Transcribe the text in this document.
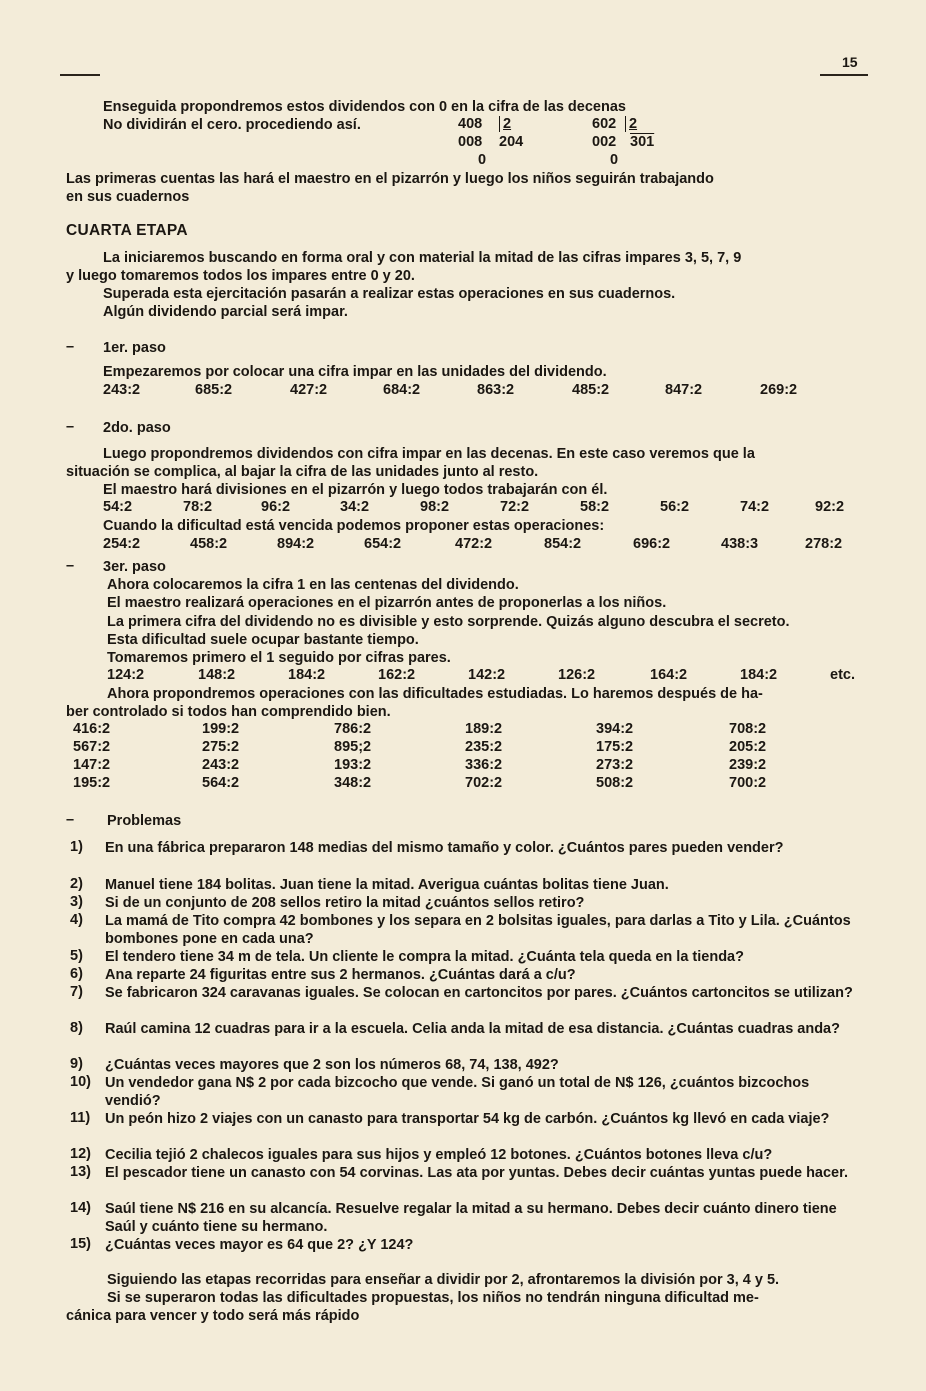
15
Enseguida propondremos estos dividendos con 0 en la cifra de las decenas
No dividirán el cero. procediendo así.	408 2
008 204
0
602 2
002 301
0
Las primeras cuentas las hará el maestro en el pizarrón y luego los niños seguirán trabajando
en sus cuadernos
CUARTA ETAPA
La iniciaremos buscando en forma oral y con material la mitad de las cifras impares 3, 5, 7, 9
y luego tomaremos todos los impares entre 0 y 20.
Superada esta ejercitación pasarán a realizar estas operaciones en sus cuadernos.
Algún dividendo parcial será impar.
– 1er. paso
Empezaremos por colocar una cifra impar en las unidades del dividendo.
243:2	685:2	427:2	684:2	863:2	485:2	847:2	269:2
– 2do. paso
Luego propondremos dividendos con cifra impar en las decenas. En este caso veremos que la
situación se complica, al bajar la cifra de las unidades junto al resto.
El maestro hará divisiones en el pizarrón y luego todos trabajarán con él.
54:2	78:2	96:2	34:2	98:2	72:2	58:2	56:2	74:2	92:2
Cuando la dificultad está vencida podemos proponer estas operaciones:
254:2	458:2	894:2	654:2	472:2	854:2	696:2	438:3	278:2
– 3er. paso
Ahora colocaremos la cifra 1 en las centenas del dividendo.
El maestro realizará operaciones en el pizarrón antes de proponerlas a los niños.
La primera cifra del dividendo no es divisible y esto sorprende. Quizás alguno descubra el secreto.
Esta dificultad suele ocupar bastante tiempo.
Tomaremos primero el 1 seguido por cifras pares.
124:2	148:2	184:2	162:2	142:2	126:2	164:2	184:2	etc.
Ahora propondremos operaciones con las dificultades estudiadas. Lo haremos después de ha-
ber controlado si todos han comprendido bien.
416:2	199:2	786:2	189:2	394:2	708:2
567:2	275:2	895;2	235:2	175:2	205:2
147:2	243:2	193:2	336:2	273:2	239:2
195:2	564:2	348:2	702:2	508:2	700:2
– Problemas
1) En una fábrica prepararon 148 medias del mismo tamaño y color. ¿Cuántos pares pueden vender?
2) Manuel tiene 184 bolitas. Juan tiene la mitad. Averigua cuántas bolitas tiene Juan.
3) Si de un conjunto de 208 sellos retiro la mitad ¿cuántos sellos retiro?
4) La mamá de Tito compra 42 bombones y los separa en 2 bolsitas iguales, para darlas a Tito y Lila. ¿Cuántos bombones pone en cada una?
5) El tendero tiene 34 m de tela. Un cliente le compra la mitad. ¿Cuánta tela queda en la tienda?
6) Ana reparte 24 figuritas entre sus 2 hermanos. ¿Cuántas dará a c/u?
7) Se fabricaron 324 caravanas iguales. Se colocan en cartoncitos por pares. ¿Cuántos cartoncitos se utilizan?
8) Raúl camina 12 cuadras para ir a la escuela. Celia anda la mitad de esa distancia. ¿Cuántas cuadras anda?
9) ¿Cuántas veces mayores que 2 son los números 68, 74, 138, 492?
10) Un vendedor gana N$ 2 por cada bizcocho que vende. Si ganó un total de N$ 126, ¿cuántos bizcochos vendió?
11) Un peón hizo 2 viajes con un canasto para transportar 54 kg de carbón. ¿Cuántos kg llevó en cada viaje?
12) Cecilia tejió 2 chalecos iguales para sus hijos y empleó 12 botones. ¿Cuántos botones lleva c/u?
13) El pescador tiene un canasto con 54 corvinas. Las ata por yuntas. Debes decir cuántas yuntas puede hacer.
14) Saúl tiene N$ 216 en su alcancía. Resuelve regalar la mitad a su hermano. Debes decir cuánto dinero tiene Saúl y cuánto tiene su hermano.
15) ¿Cuántas veces mayor es 64 que 2? ¿Y 124?
Siguiendo las etapas recorridas para enseñar a dividir por 2, afrontaremos la división por 3, 4 y 5.
Si se superaron todas las dificultades propuestas, los niños no tendrán ninguna dificultad me-
cánica para vencer y todo será más rápido
